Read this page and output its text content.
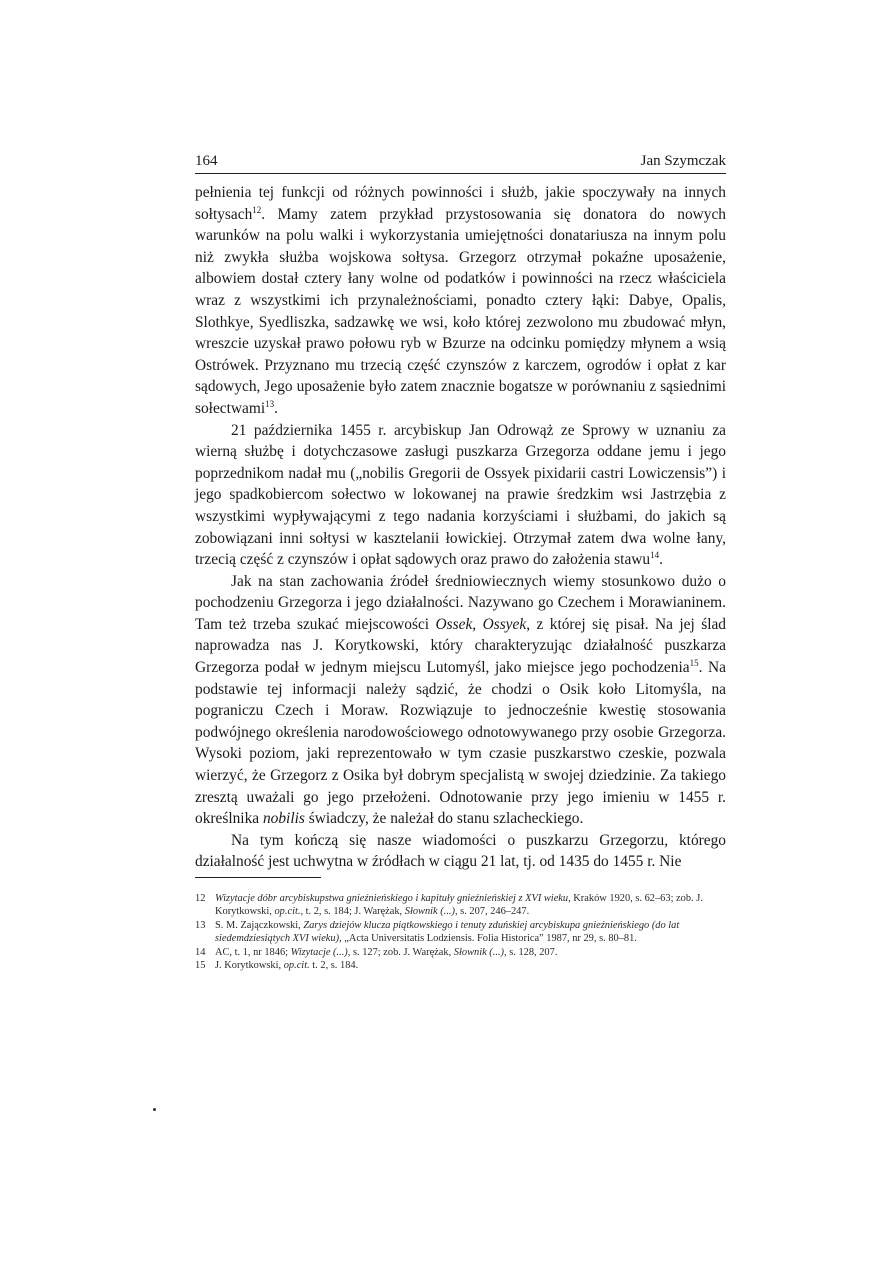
164	Jan Szymczak

pełnienia tej funkcji od różnych powinności i służb, jakie spoczywały na innych sołtysach$^{12}$. Mamy zatem przykład przystosowania się donatora do nowych warunków na polu walki i wykorzystania umiejętności donatariusza na innym polu niż zwykła służba wojskowa sołtysa. Grzegorz otrzymał pokaźne uposażenie, albowiem dostał cztery łany wolne od podatków i powinności na rzecz właściciela wraz z wszystkimi ich przynależnościami, ponadto cztery łąki: Dabye, Opalis, Slothkye, Syedliszka, sadzawkę we wsi, koło której zezwolono mu zbudować młyn, wreszcie uzyskał prawo połowu ryb w Bzurze na odcinku pomiędzy młynem a wsią Ostrówek. Przyznano mu trzecią część czynszów z karczem, ogrodów i opłat z kar sądowych, Jego uposażenie było zatem znacznie bogatsze w porównaniu z sąsiednimi sołectwami$^{13}$.

21 października 1455 r. arcybiskup Jan Odrowąż ze Sprowy w uznaniu za wierną służbę i dotychczasowe zasługi puszkarza Grzegorza oddane jemu i jego poprzednikom nadał mu („nobilis Gregorii de Ossyek pixidarii castri Lowiczensis”) i jego spadkobiercom sołectwo w lokowanej na prawie średzkim wsi Jastrzębia z wszystkimi wypływającymi z tego nadania korzyściami i służbami, do jakich są zobowiązani inni sołtysi w kasztelanii łowickiej. Otrzymał zatem dwa wolne łany, trzecią część z czynszów i opłat sądowych oraz prawo do założenia stawu$^{14}$.

Jak na stan zachowania źródeł średniowiecznych wiemy stosunkowo dużo o pochodzeniu Grzegorza i jego działalności. Nazywano go Czechem i Morawianinem. Tam też trzeba szukać miejscowości Ossek, Ossyek, z której się pisał. Na jej ślad naprowadza nas J. Korytkowski, który charakteryzując działalność puszkarza Grzegorza podał w jednym miejscu Lutomyśl, jako miejsce jego pochodzenia$^{15}$. Na podstawie tej informacji należy sądzić, że chodzi o Osik koło Litomyśla, na pograniczu Czech i Moraw. Rozwiązuje to jednocześnie kwestię stosowania podwójnego określenia narodowościowego odnotowywanego przy osobie Grzegorza. Wysoki poziom, jaki reprezentowało w tym czasie puszkarstwo czeskie, pozwala wierzyć, że Grzegorz z Osika był dobrym specjalistą w swojej dziedzinie. Za takiego zresztą uważali go jego przełożeni. Odnotowanie przy jego imieniu w 1455 r. określnika nobilis świadczy, że należał do stanu szlacheckiego.

Na tym kończą się nasze wiadomości o puszkarzu Grzegorzu, którego działalność jest uchwytna w źródłach w ciągu 21 lat, tj. od 1435 do 1455 r. Nie

12 Wizytacje dóbr arcybiskupstwa gnieźnieńskiego i kapituły gnieźnieńskiej z XVI wieku, Kraków 1920, s. 62–63; zob. J. Korytkowski, op.cit., t. 2, s. 184; J. Warężak, Słownik (...), s. 207, 246–247.
13 S. M. Zajączkowski, Zarys dziejów klucza piątkowskiego i tenuty zduńskiej arcybiskupa gnieźnieńskiego (do lat siedemdziesiątych XVI wieku), „Acta Universitatis Lodziensis. Folia Historica” 1987, nr 29, s. 80–81.
14 AC, t. 1, nr 1846; Wizytacje (...), s. 127; zob. J. Warężak, Słownik (...), s. 128, 207.
15 J. Korytkowski, op.cit. t. 2, s. 184.
